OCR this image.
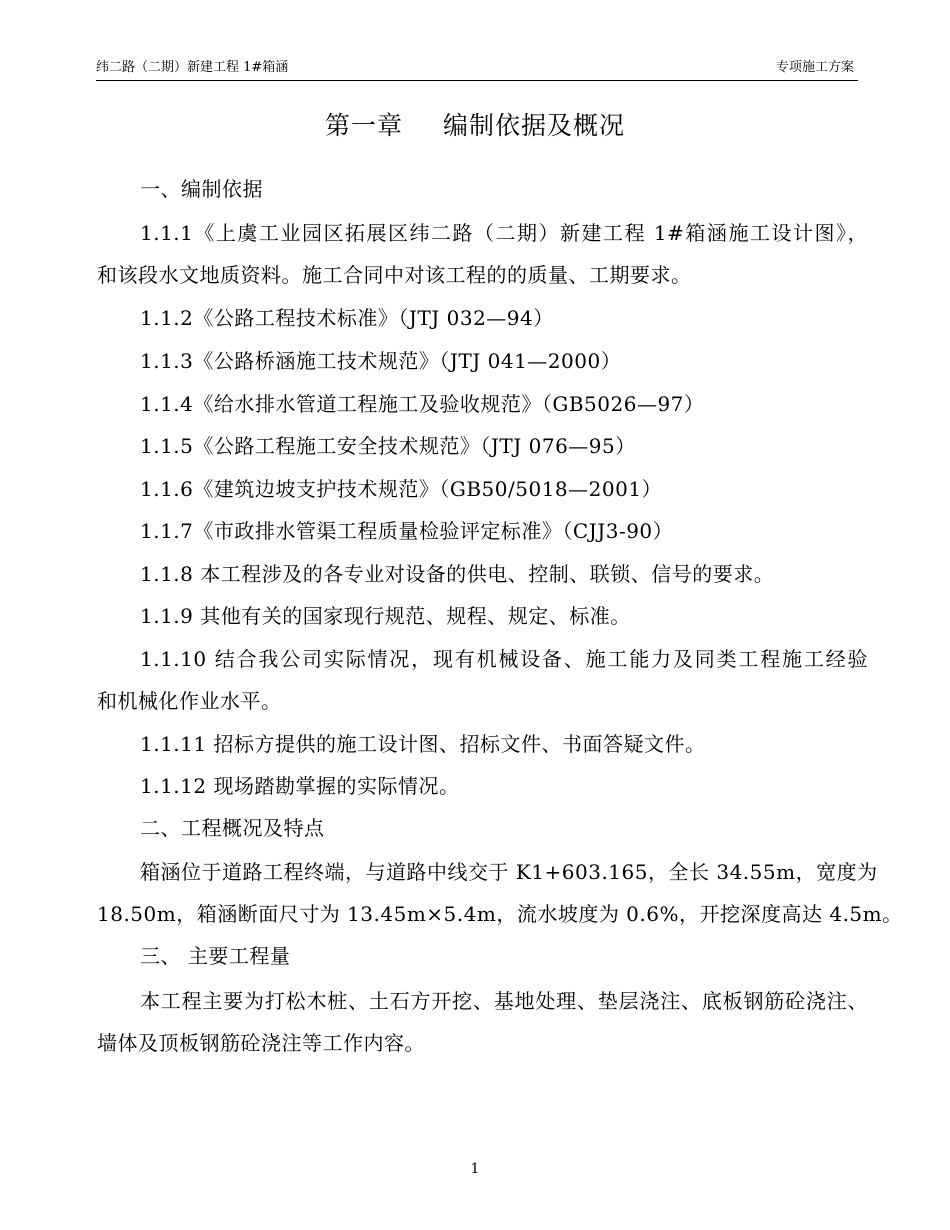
纬二路（二期）新建工程 1#箱涵	专项施工方案
第一章 编制依据及概况
一、编制依据
1.1.1《上虞工业园区拓展区纬二路（二期）新建工程 1#箱涵施工设计图》，
和该段水文地质资料。施工合同中对该工程的的质量、工期要求。
1.1.2《公路工程技术标准》（JTJ 032—94）
1.1.3《公路桥涵施工技术规范》（JTJ 041—2000）
1.1.4《给水排水管道工程施工及验收规范》（GB5026—97）
1.1.5《公路工程施工安全技术规范》（JTJ 076—95）
1.1.6《建筑边坡支护技术规范》（GB50/5018—2001）
1.1.7《市政排水管渠工程质量检验评定标准》（CJJ3-90）
1.1.8 本工程涉及的各专业对设备的供电、控制、联锁、信号的要求。
1.1.9 其他有关的国家现行规范、规程、规定、标准。
1.1.10 结合我公司实际情况，现有机械设备、施工能力及同类工程施工经验
和机械化作业水平。
1.1.11 招标方提供的施工设计图、招标文件、书面答疑文件。
1.1.12 现场踏勘掌握的实际情况。
二、工程概况及特点
箱涵位于道路工程终端，与道路中线交于 K1+603.165，全长 34.55m，宽度为
18.50m，箱涵断面尺寸为 13.45m×5.4m，流水坡度为 0.6%，开挖深度高达 4.5m。
三、 主要工程量
本工程主要为打松木桩、土石方开挖、基地处理、垫层浇注、底板钢筋砼浇注、
墙体及顶板钢筋砼浇注等工作内容。
1
